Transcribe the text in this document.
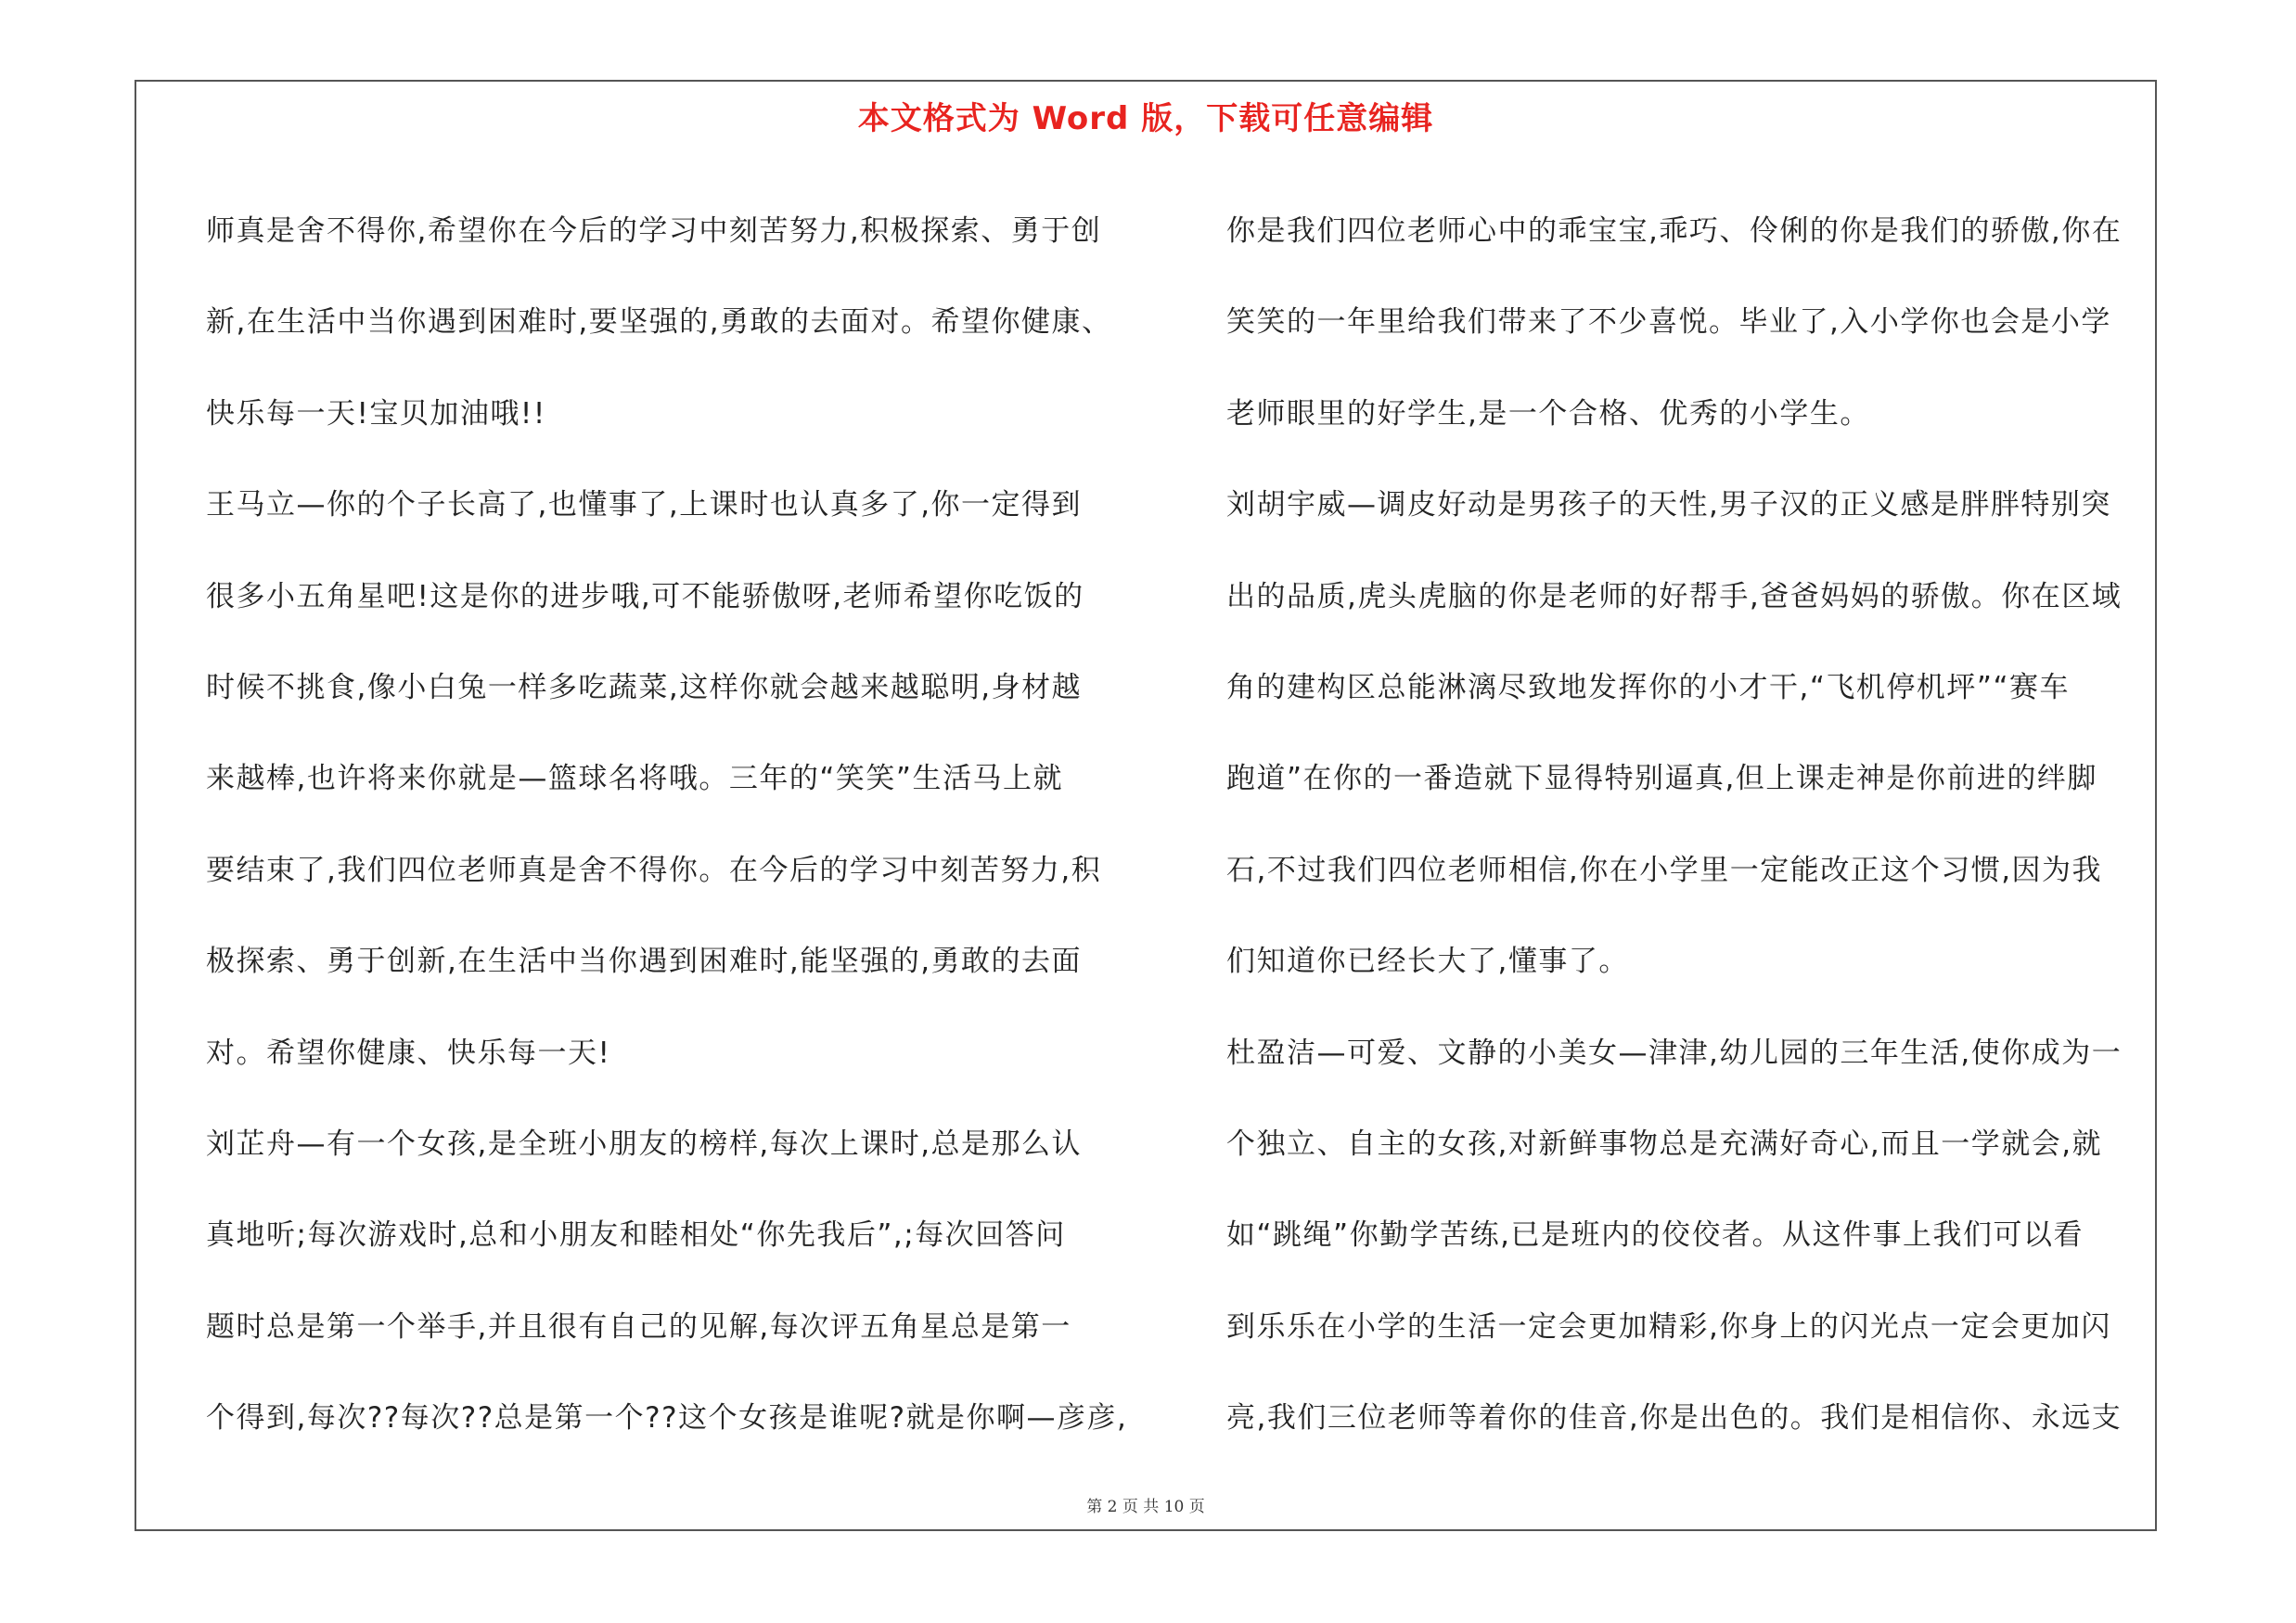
本文格式为 Word 版，下载可任意编辑
师真是舍不得你,希望你在今后的学习中刻苦努力,积极探索、勇于创
新,在生活中当你遇到困难时,要坚强的,勇敢的去面对。希望你健康、
快乐每一天!宝贝加油哦!!
王马立—你的个子长高了,也懂事了,上课时也认真多了,你一定得到
很多小五角星吧!这是你的进步哦,可不能骄傲呀,老师希望你吃饭的
时候不挑食,像小白兔一样多吃蔬菜,这样你就会越来越聪明,身材越
来越棒,也许将来你就是—篮球名将哦。三年的“笑笑”生活马上就
要结束了,我们四位老师真是舍不得你。在今后的学习中刻苦努力,积
极探索、勇于创新,在生活中当你遇到困难时,能坚强的,勇敢的去面
对。希望你健康、快乐每一天!
刘芷舟—有一个女孩,是全班小朋友的榜样,每次上课时,总是那么认
真地听;每次游戏时,总和小朋友和睦相处“你先我后”,;每次回答问
题时总是第一个举手,并且很有自己的见解,每次评五角星总是第一
个得到,每次??每次??总是第一个??这个女孩是谁呢?就是你啊—彦彦,
你是我们四位老师心中的乖宝宝,乖巧、伶俐的你是我们的骄傲,你在
笑笑的一年里给我们带来了不少喜悦。毕业了,入小学你也会是小学
老师眼里的好学生,是一个合格、优秀的小学生。
刘胡宇威—调皮好动是男孩子的天性,男子汉的正义感是胖胖特别突
出的品质,虎头虎脑的你是老师的好帮手,爸爸妈妈的骄傲。你在区域
角的建构区总能淋漓尽致地发挥你的小才干,“飞机停机坪”“赛车
跑道”在你的一番造就下显得特别逼真,但上课走神是你前进的绊脚
石,不过我们四位老师相信,你在小学里一定能改正这个习惯,因为我
们知道你已经长大了,懂事了。
杜盈洁—可爱、文静的小美女—津津,幼儿园的三年生活,使你成为一
个独立、自主的女孩,对新鲜事物总是充满好奇心,而且一学就会,就
如“跳绳”你勤学苦练,已是班内的佼佼者。从这件事上我们可以看
到乐乐在小学的生活一定会更加精彩,你身上的闪光点一定会更加闪
亮,我们三位老师等着你的佳音,你是出色的。我们是相信你、永远支
第 2 页 共 10 页
